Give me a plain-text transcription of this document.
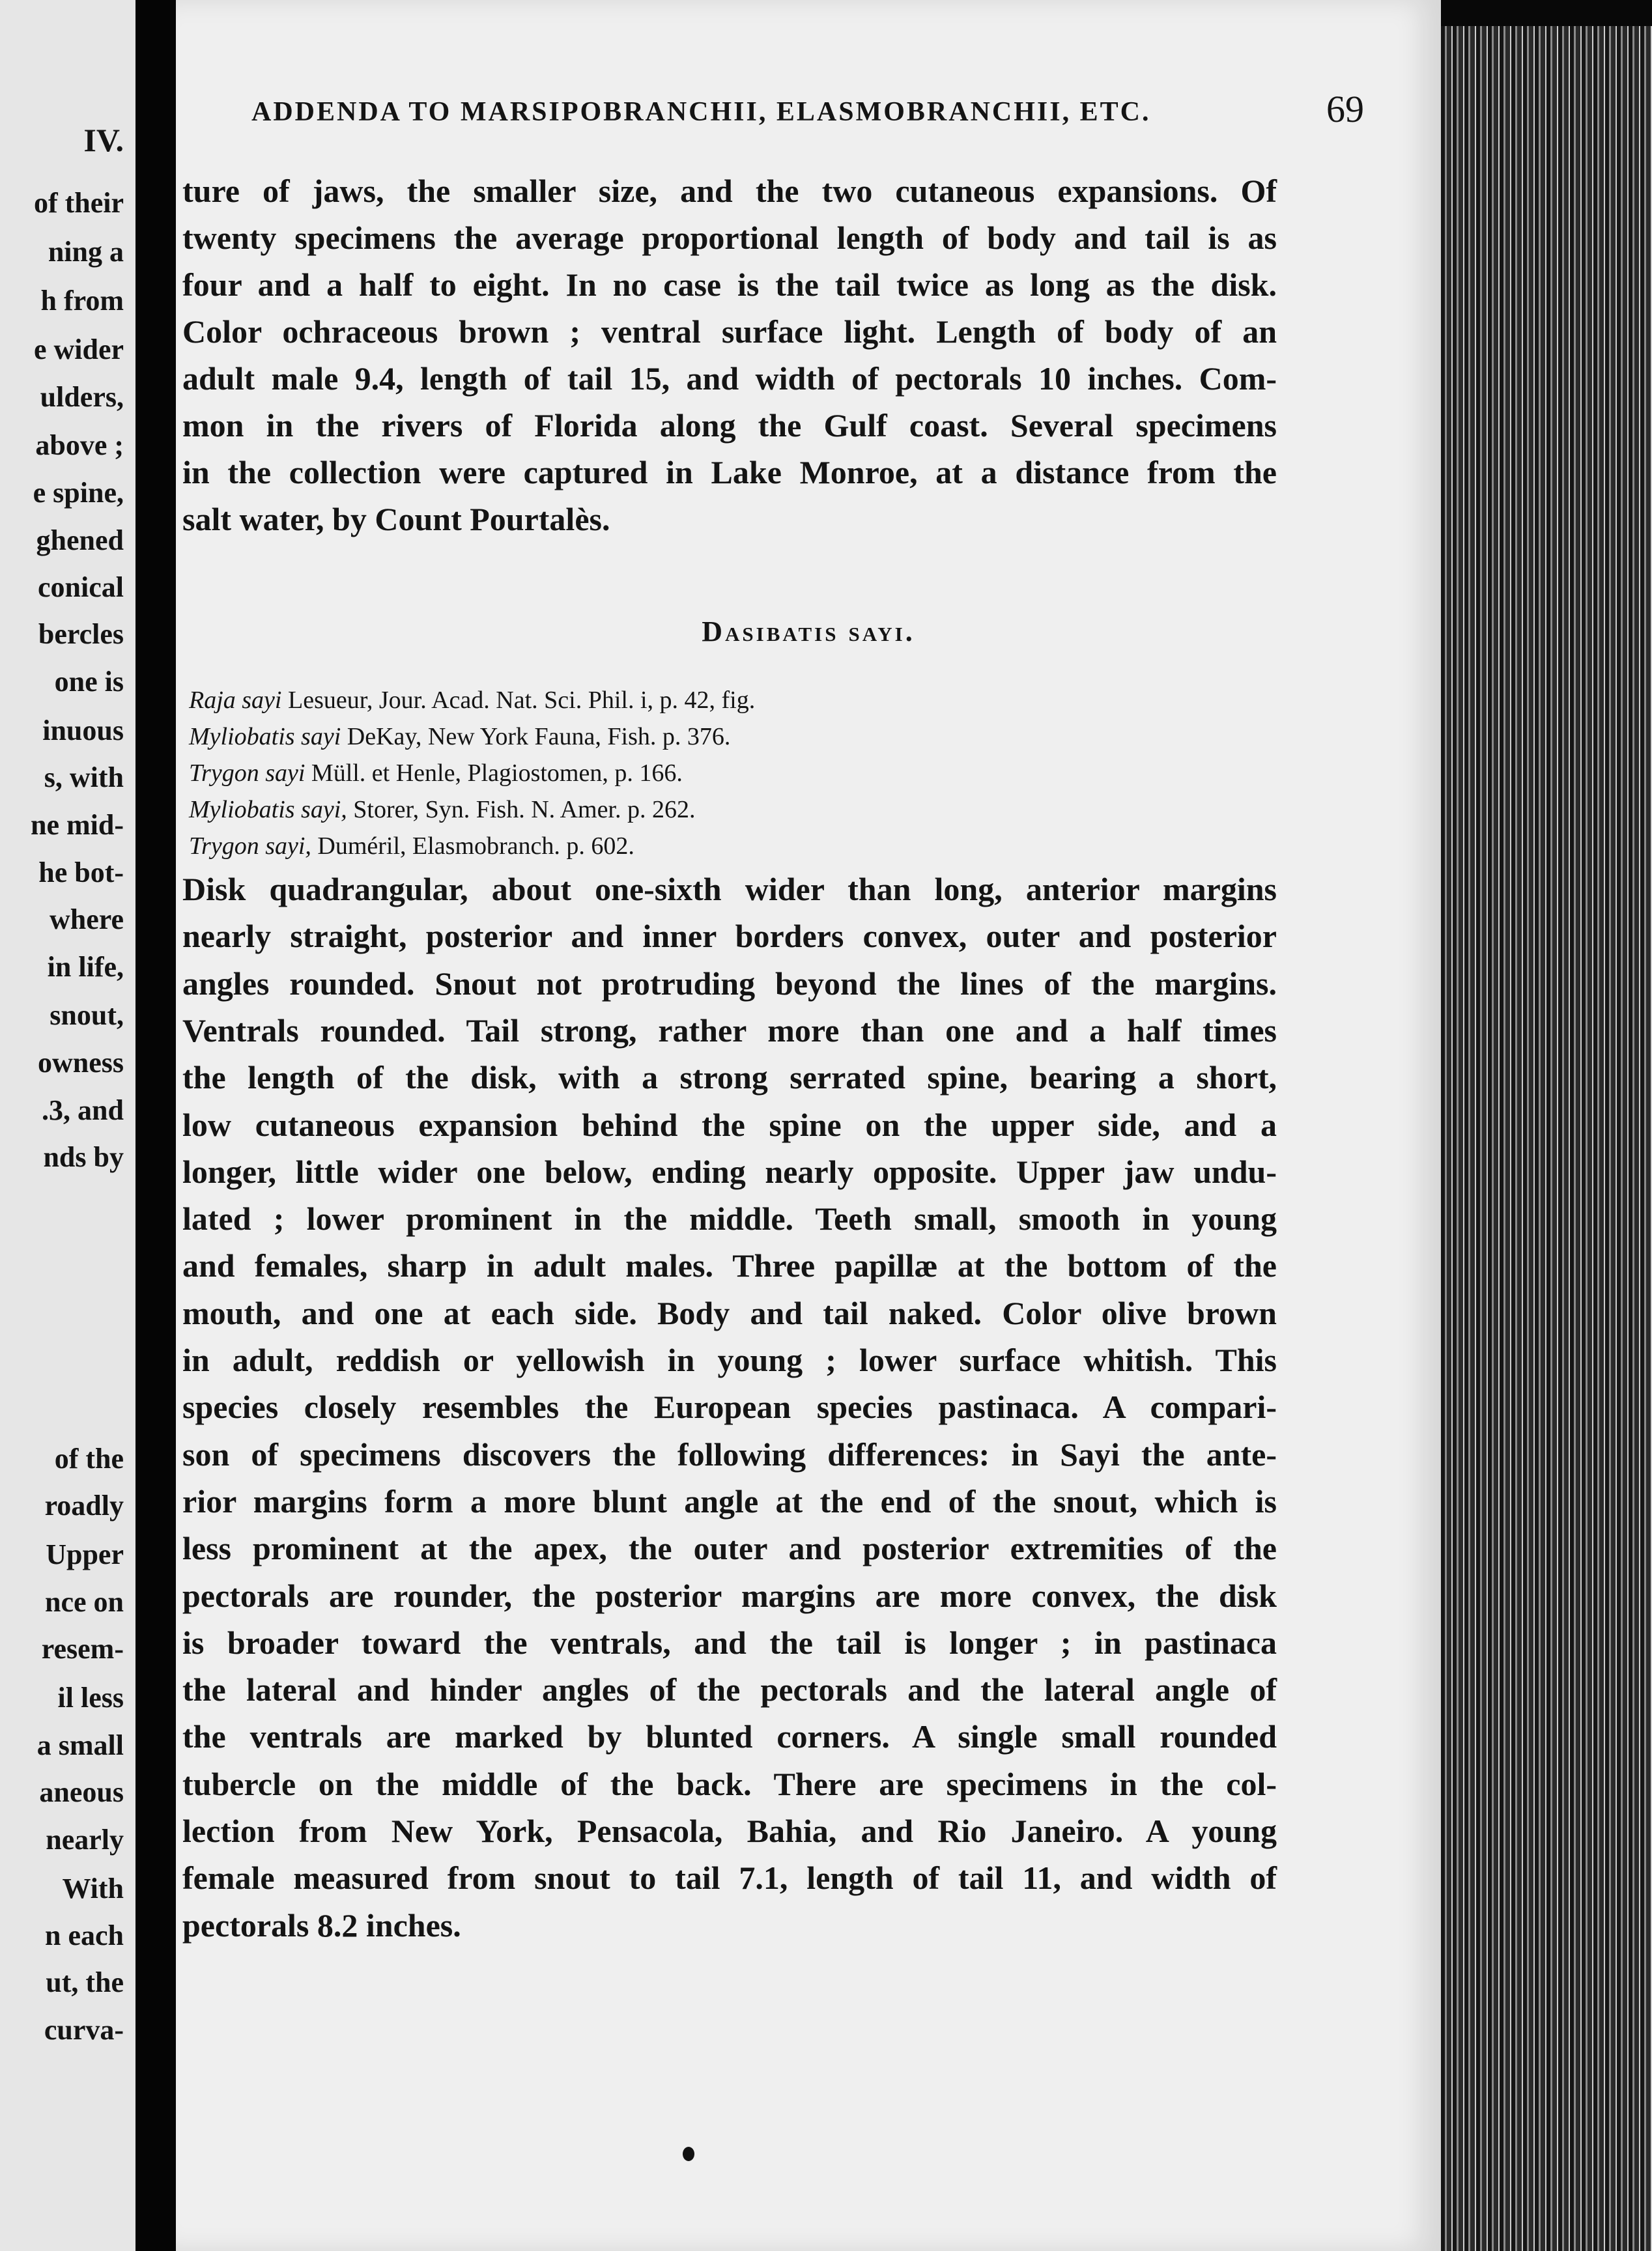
IV.

of their

ning a

h from

e wider

ulders,

above ;

e spine,

ghened

conical

bercles

one is

inuous

s, with

ne mid-

he bot-

where

in life,

snout,

owness

.3, and

nds by

of the

roadly

Upper

nce on

resem-

il less

a small

aneous

nearly

With

n each

ut, the

curva-

ADDENDA TO MARSIPOBRANCHII, ELASMOBRANCHII, ETC.	69

ture of jaws, the smaller size, and the two cutaneous expansions. Of

twenty specimens the average proportional length of body and tail is as

four and a half to eight. In no case is the tail twice as long as the disk.

Color ochraceous brown ; ventral surface light. Length of body of an

adult male 9.4, length of tail 15, and width of pectorals 10 inches. Com-

mon in the rivers of Florida along the Gulf coast. Several specimens

in the collection were captured in Lake Monroe, at a distance from the

salt water, by Count Pourtalès.

Dasibatis sayi.

Raja sayi Lesueur, Jour. Acad. Nat. Sci. Phil. i, p. 42, fig.

Myliobatis sayi DeKay, New York Fauna, Fish. p. 376.

Trygon sayi Müll. et Henle, Plagiostomen, p. 166.

Myliobatis sayi, Storer, Syn. Fish. N. Amer. p. 262.

Trygon sayi, Duméril, Elasmobranch. p. 602.

Disk quadrangular, about one-sixth wider than long, anterior margins

nearly straight, posterior and inner borders convex, outer and posterior

angles rounded. Snout not protruding beyond the lines of the margins.

Ventrals rounded. Tail strong, rather more than one and a half times

the length of the disk, with a strong serrated spine, bearing a short,

low cutaneous expansion behind the spine on the upper side, and a

longer, little wider one below, ending nearly opposite. Upper jaw undu-

lated ; lower prominent in the middle. Teeth small, smooth in young

and females, sharp in adult males. Three papillæ at the bottom of the

mouth, and one at each side. Body and tail naked. Color olive brown

in adult, reddish or yellowish in young ; lower surface whitish. This

species closely resembles the European species pastinaca. A compari-

son of specimens discovers the following differences: in Sayi the ante-

rior margins form a more blunt angle at the end of the snout, which is

less prominent at the apex, the outer and posterior extremities of the

pectorals are rounder, the posterior margins are more convex, the disk

is broader toward the ventrals, and the tail is longer ; in pastinaca

the lateral and hinder angles of the pectorals and the lateral angle of

the ventrals are marked by blunted corners. A single small rounded

tubercle on the middle of the back. There are specimens in the col-

lection from New York, Pensacola, Bahia, and Rio Janeiro. A young

female measured from snout to tail 7.1, length of tail 11, and width of

pectorals 8.2 inches.
